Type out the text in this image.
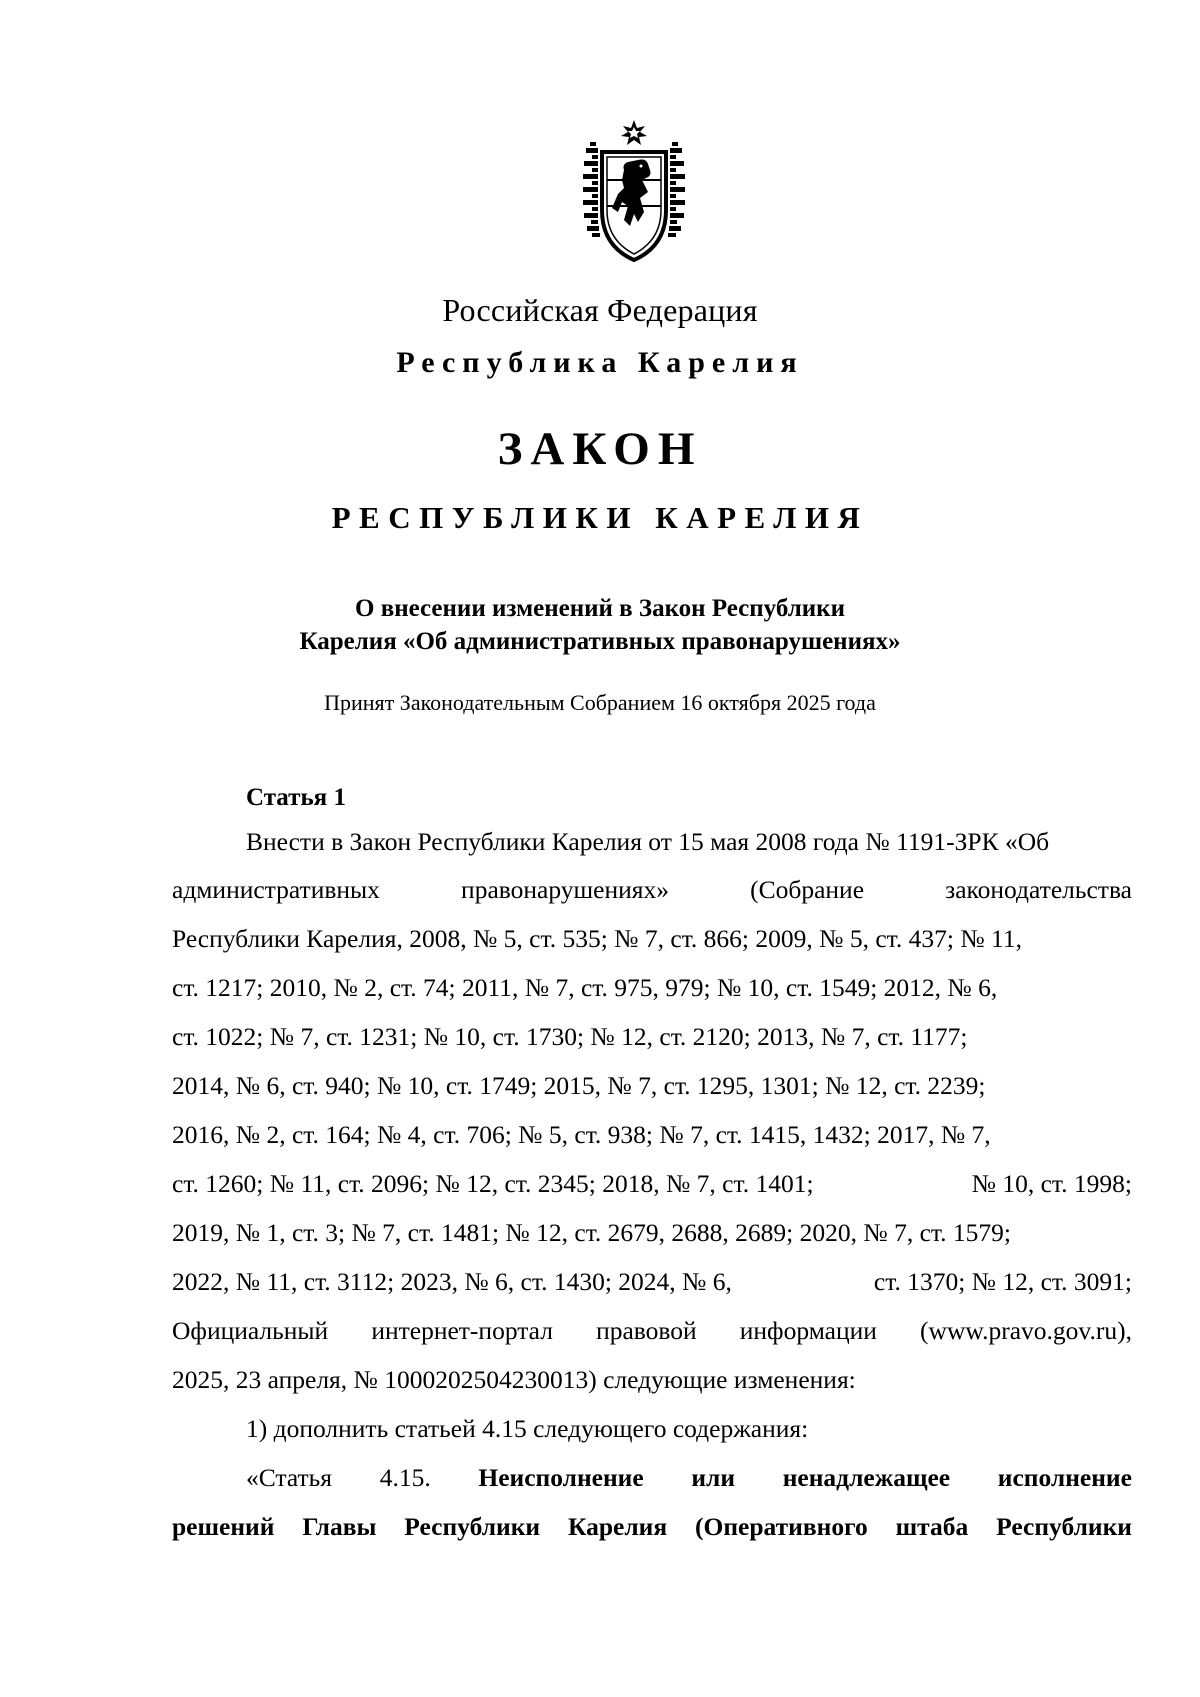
Российская Федерация
Республика Карелия
ЗАКОН
РЕСПУБЛИКИ КАРЕЛИЯ
О внесении изменений в Закон Республики
Карелия «Об административных правонарушениях»
Принят Законодательным Собранием 16 октября 2025 года
Статья 1
Внести в Закон Республики Карелия от 15 мая 2008 года № 1191-ЗРК «Об
административных	правонарушениях»	(Собрание	законодательства
Республики Карелия, 2008, № 5, ст. 535; № 7, ст. 866; 2009, № 5, ст. 437; № 11,
ст. 1217; 2010, № 2, ст. 74; 2011, № 7, ст. 975, 979; № 10, ст. 1549; 2012, № 6,
ст. 1022; № 7, ст. 1231; № 10, ст. 1730; № 12, ст. 2120; 2013, № 7, ст. 1177;
2014, № 6, ст. 940; № 10, ст. 1749; 2015, № 7, ст. 1295, 1301; № 12, ст. 2239;
2016, № 2, ст. 164; № 4, ст. 706; № 5, ст. 938; № 7, ст. 1415, 1432; 2017, № 7,
ст. 1260; № 11, ст. 2096; № 12, ст. 2345; 2018, № 7, ст. 1401;	№ 10, ст. 1998;
2019, № 1, ст. 3; № 7, ст. 1481; № 12, ст. 2679, 2688, 2689; 2020, № 7, ст. 1579;
2022, № 11, ст. 3112; 2023, № 6, ст. 1430; 2024, № 6,	ст. 1370; № 12, ст. 3091;
Официальный интернет-портал правовой информации (www.pravo.gov.ru),
2025, 23 апреля, № 1000202504230013) следующие изменения:
1) дополнить статьей 4.15 следующего содержания:
«Статья 4.15. Неисполнение или ненадлежащее исполнение
решений Главы Республики Карелия (Оперативного штаба Республики
